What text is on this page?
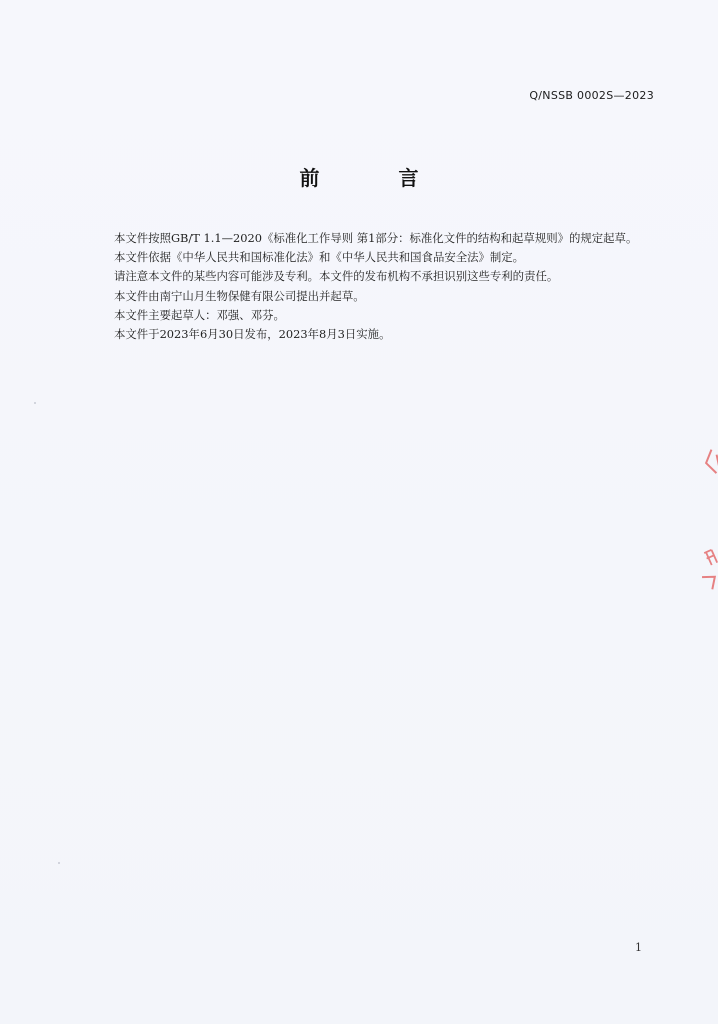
Q/NSSB 0002S—2023
前 言

本文件按照GB/T 1.1—2020《标准化工作导则 第1部分：标准化文件的结构和起草规则》的规定起草。

本文件依据《中华人民共和国标准化法》和《中华人民共和国食品安全法》制定。

请注意本文件的某些内容可能涉及专利。本文件的发布机构不承担识别这些专利的责任。

本文件由南宁山月生物保健有限公司提出并起草。

本文件主要起草人：邓强、邓芬。

本文件于2023年6月30日发布，2023年8月3日实施。

1
